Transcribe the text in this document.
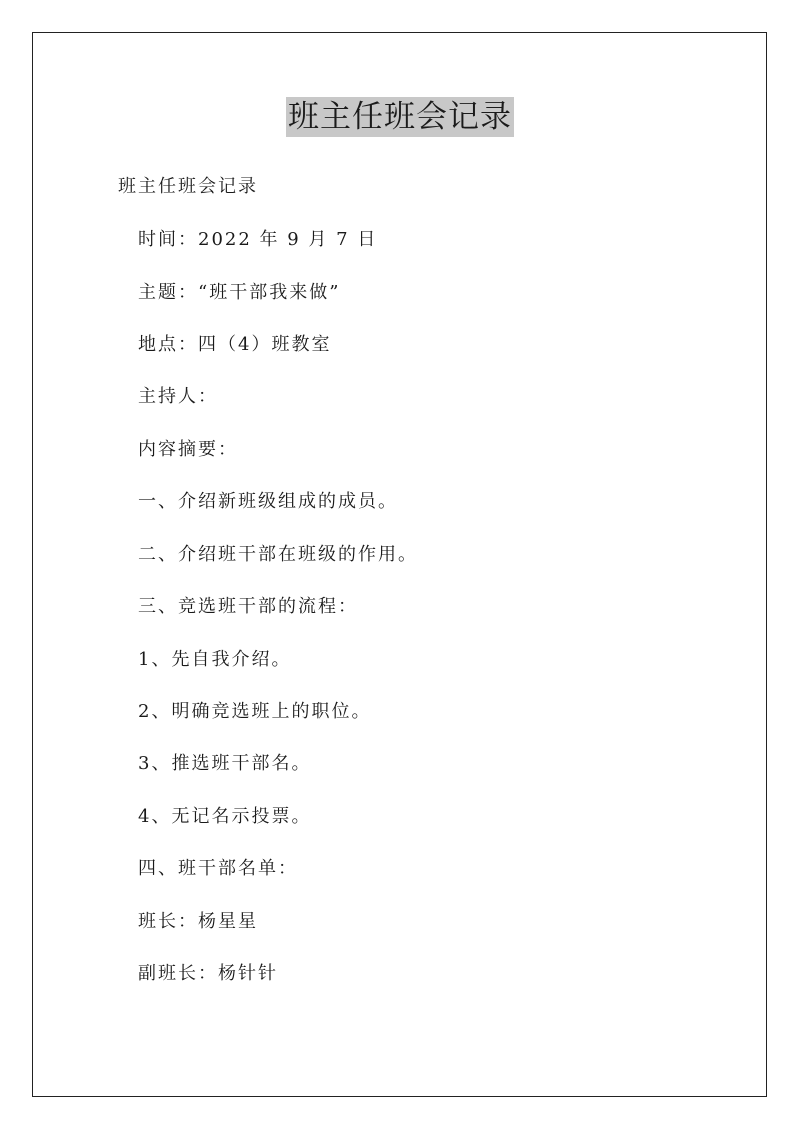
班主任班会记录

班主任班会记录

时间：2022 年 9 月 7 日

主题：“班干部我来做”

地点：四（4）班教室

主持人：

内容摘要：

一、介绍新班级组成的成员。

二、介绍班干部在班级的作用。

三、竞选班干部的流程：

1、先自我介绍。

2、明确竞选班上的职位。

3、推选班干部名。

4、无记名示投票。

四、班干部名单：

班长：杨星星

副班长：杨针针
